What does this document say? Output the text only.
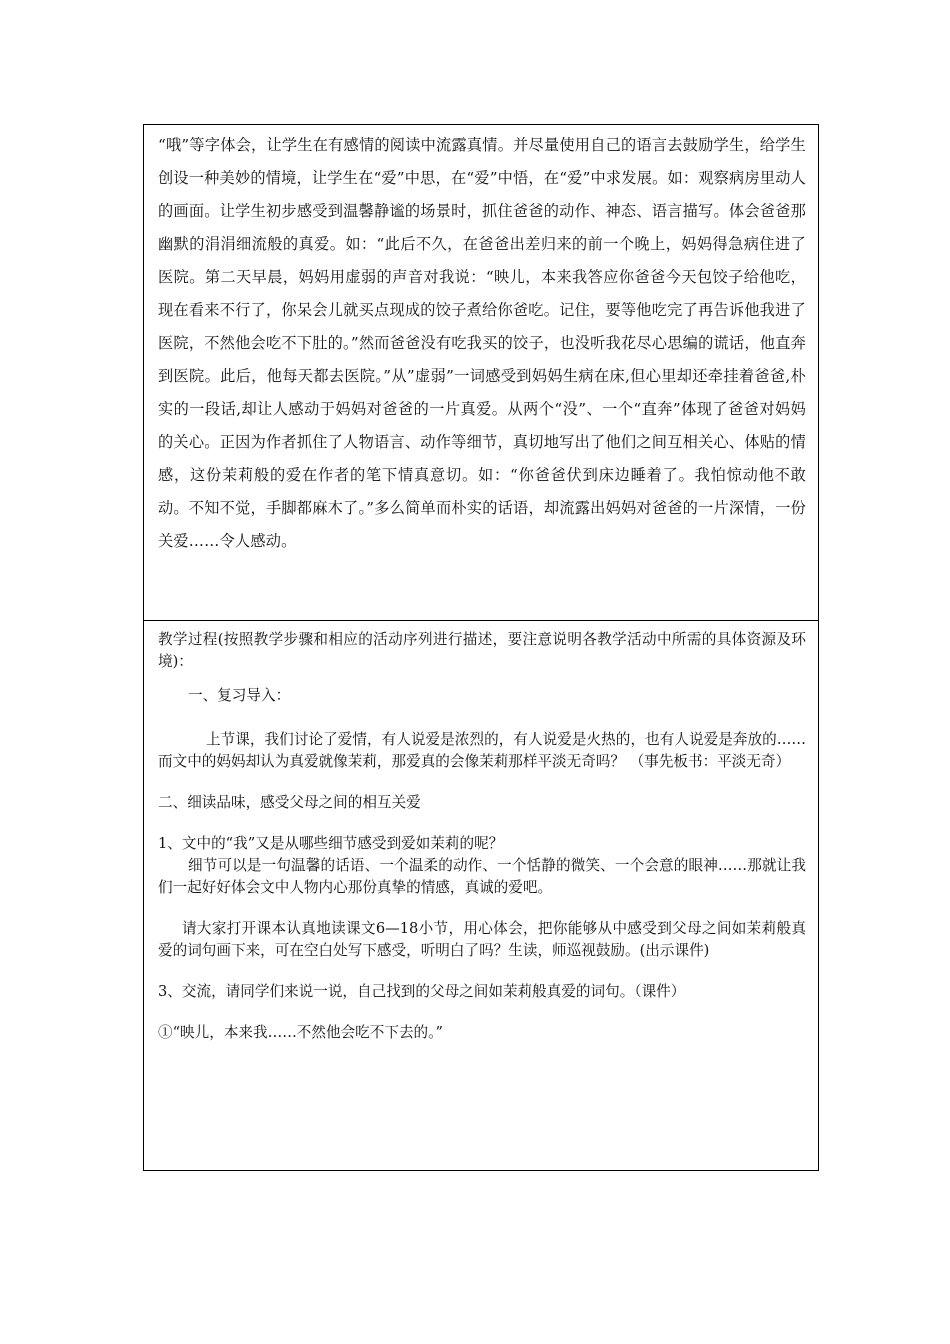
“哦”等字体会，让学生在有感情的阅读中流露真情。并尽量使用自己的语言去鼓励学生，给学生创设一种美妙的情境，让学生在“爱”中思，在“爱”中悟，在“爱”中求发展。如：观察病房里动人的画面。让学生初步感受到温馨静谧的场景时，抓住爸爸的动作、神态、语言描写。体会爸爸那幽默的涓涓细流般的真爱。如：“此后不久，在爸爸出差归来的前一个晚上，妈妈得急病住进了医院。第二天早晨，妈妈用虚弱的声音对我说：“映儿，本来我答应你爸爸今天包饺子给他吃，现在看来不行了，你呆会儿就买点现成的饺子煮给你爸吃。记住，要等他吃完了再告诉他我进了医院，不然他会吃不下肚的。”然而爸爸没有吃我买的饺子，也没听我花尽心思编的谎话，他直奔到医院。此后，他每天都去医院。”从”虚弱”一词感受到妈妈生病在床,但心里却还牵挂着爸爸,朴实的一段话,却让人感动于妈妈对爸爸的一片真爱。从两个“没”、一个“直奔”体现了爸爸对妈妈的关心。正因为作者抓住了人物语言、动作等细节，真切地写出了他们之间互相关心、体贴的情感，这份茉莉般的爱在作者的笔下情真意切。如：“你爸爸伏到床边睡着了。我怕惊动他不敢动。不知不觉，手脚都麻木了。”多么简单而朴实的话语，却流露出妈妈对爸爸的一片深情，一份关爱……令人感动。

教学过程(按照教学步骤和相应的活动序列进行描述，要注意说明各教学活动中所需的具体资源及环境)：

一、复习导入：

上节课，我们讨论了爱情，有人说爱是浓烈的，有人说爱是火热的，也有人说爱是奔放的……而文中的妈妈却认为真爱就像茉莉，那爱真的会像茉莉那样平淡无奇吗？ （事先板书：平淡无奇）

二、细读品味，感受父母之间的相互关爱

1、文中的“我”又是从哪些细节感受到爱如茉莉的呢？

细节可以是一句温馨的话语、一个温柔的动作、一个恬静的微笑、一个会意的眼神……那就让我们一起好好体会文中人物内心那份真挚的情感，真诚的爱吧。

请大家打开课本认真地读课文6—18小节，用心体会，把你能够从中感受到父母之间如茉莉般真爱的词句画下来，可在空白处写下感受，听明白了吗？生读，师巡视鼓励。(出示课件)

3、交流，请同学们来说一说，自己找到的父母之间如茉莉般真爱的词句。（课件）

①“映儿，本来我……不然他会吃不下去的。”
